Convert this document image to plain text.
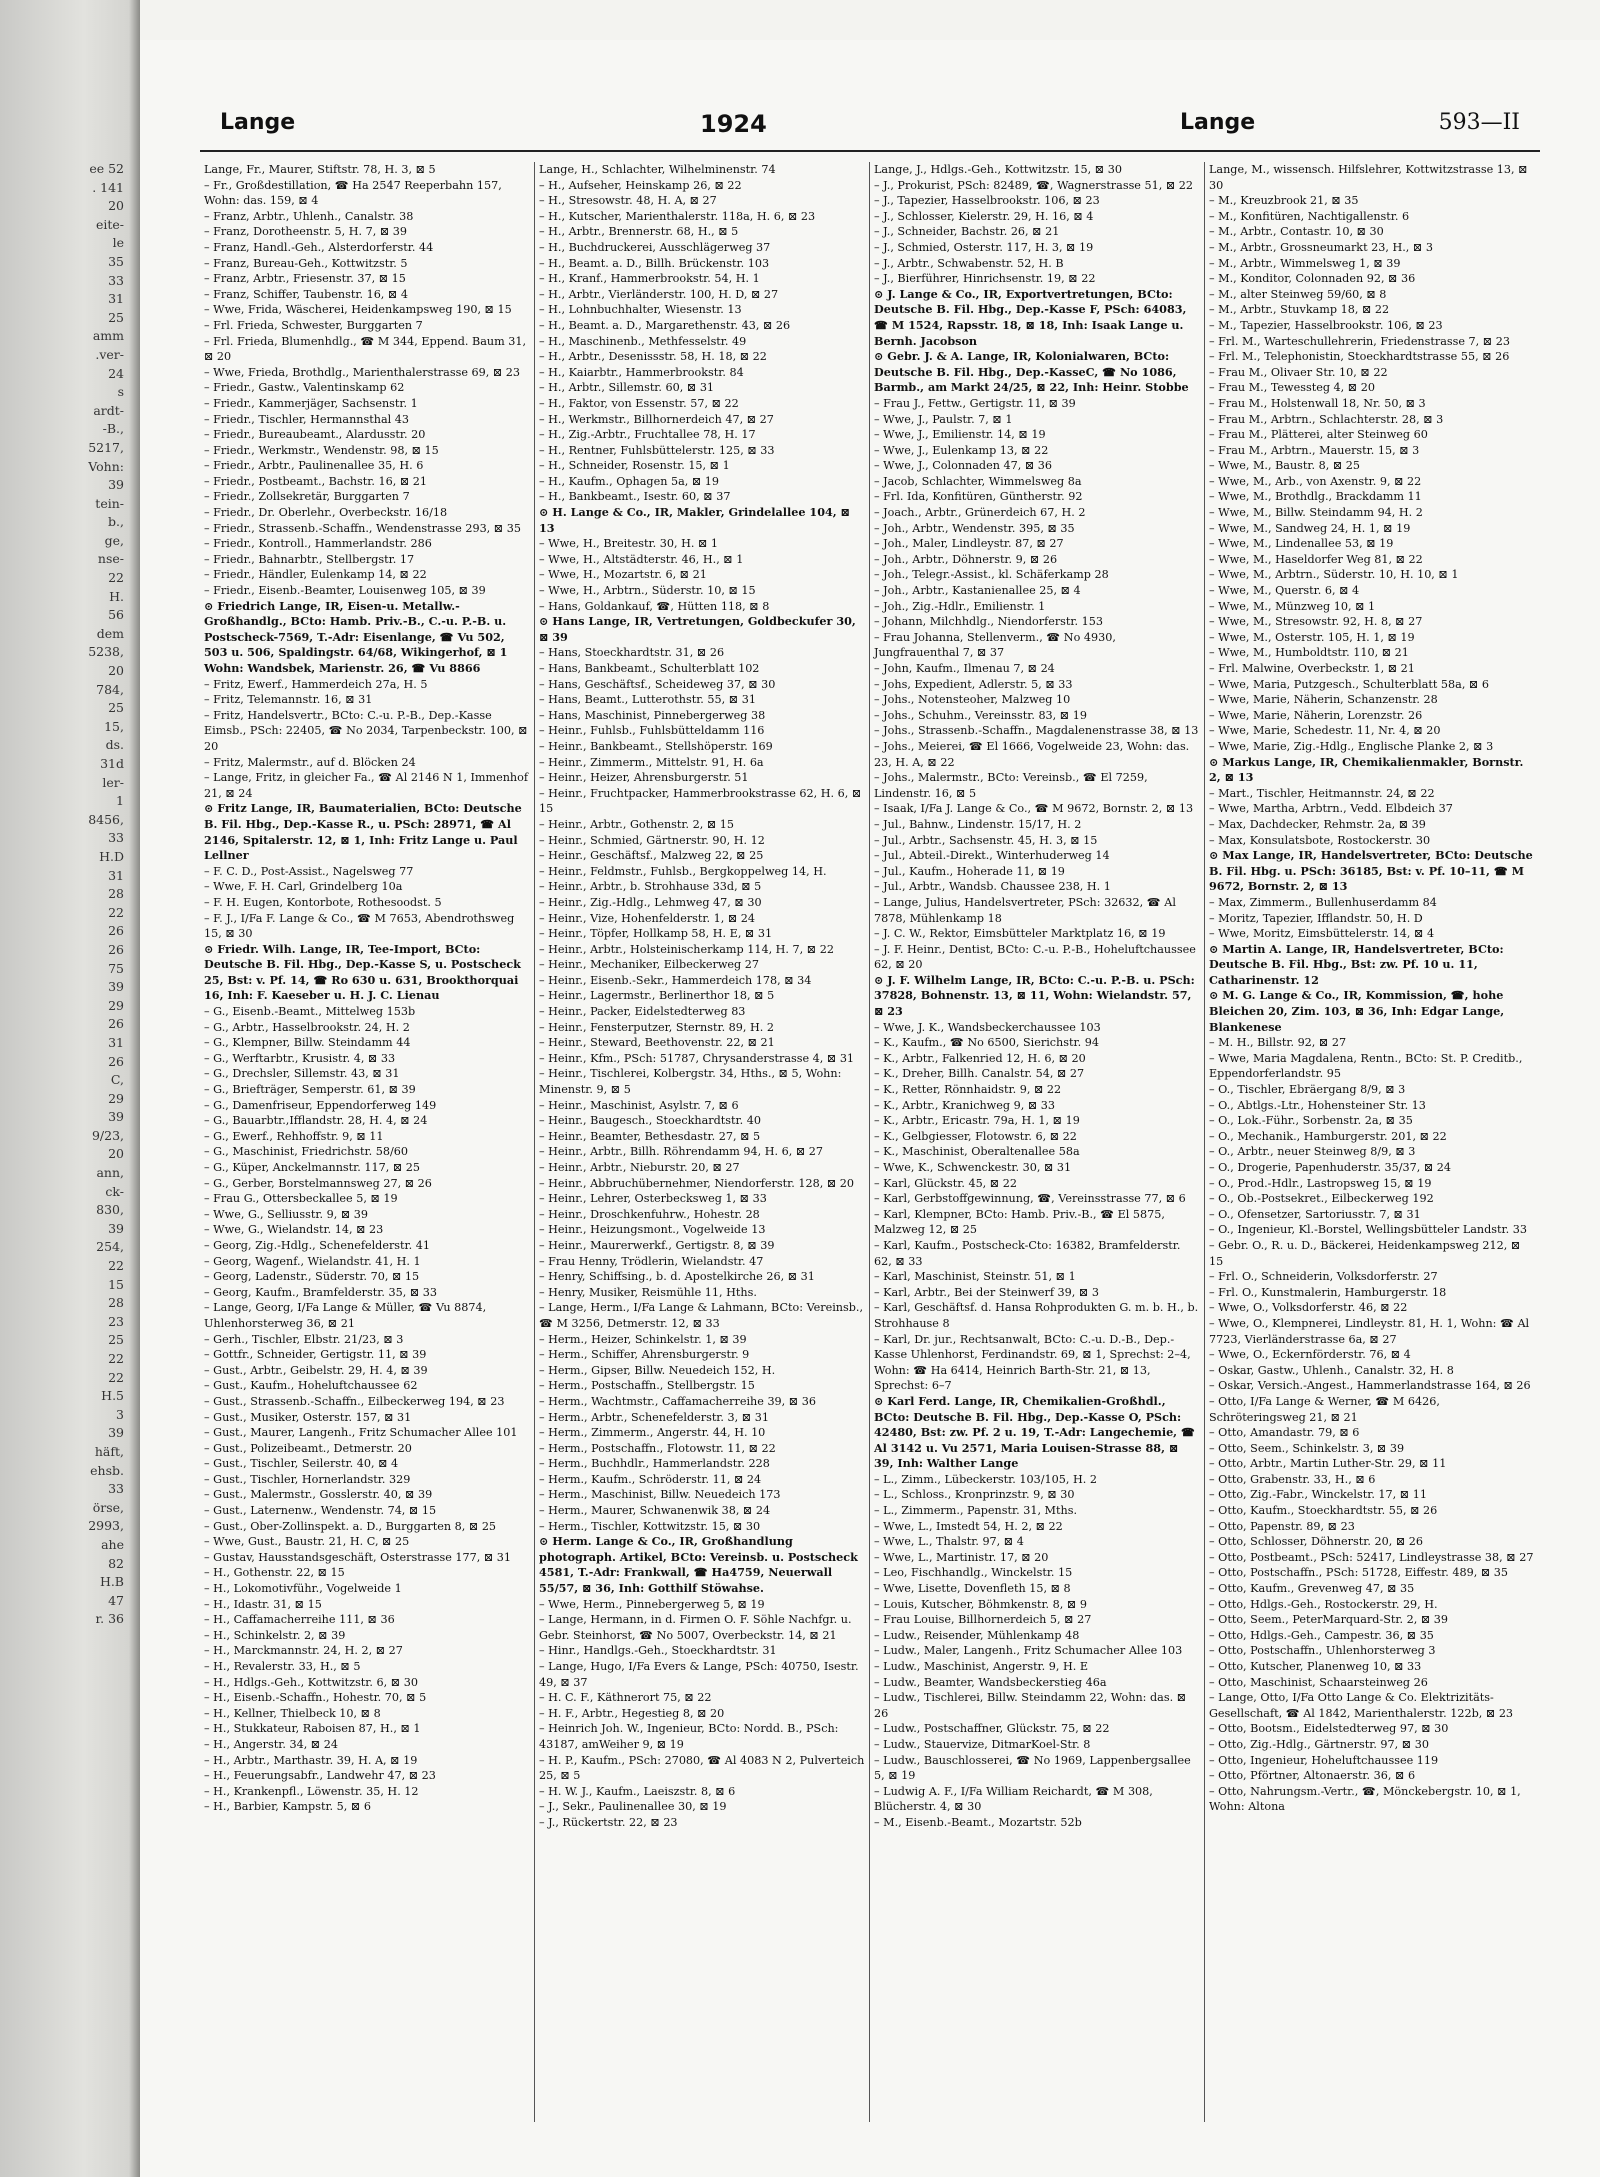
ee 52
. 141
20
eite-
le
35
33
31
25
amm
.ver-
24
s
ardt-
-B.,
5217,
Vohn:
39
tein-
b.,
ge,
nse-
22
H.
56
dem
5238,
20
784,
25
15,
ds.
31d
ler-
1
8456,
33
H.D
31
28
22
26
26
75
39
29
26
31
26
C,
29
39
9/23,
20
ann,
ck-
830,
39
254,
22
15
28
23
25
22
22
H.5
3
39
häft,
ehsb.
33
örse,
2993,
ahe
82
H.B
47
r. 36
Lange	1924	Lange	593—II
Lange, Fr., Maurer, Stiftstr. 78, H. 3, ⊠ 5
– Fr., Großdestillation, ☎ Ha 2547 Reeperbahn 157, Wohn: das. 159, ⊠ 4
– Franz, Arbtr., Uhlenh., Canalstr. 38
– Franz, Dorotheenstr. 5, H. 7, ⊠ 39
– Franz, Handl.-Geh., Alsterdorferstr. 44
– Franz, Bureau-Geh., Kottwitzstr. 5
– Franz, Arbtr., Friesenstr. 37, ⊠ 15
– Franz, Schiffer, Taubenstr. 16, ⊠ 4
– Wwe, Frida, Wäscherei, Heidenkampsweg 190, ⊠ 15
– Frl. Frieda, Schwester, Burggarten 7
– Frl. Frieda, Blumenhdlg., ☎ M 344, Eppend. Baum 31, ⊠ 20
– Wwe, Frieda, Brothdlg., Marienthalerstrasse 69, ⊠ 23
– Friedr., Gastw., Valentinskamp 62
– Friedr., Kammerjäger, Sachsenstr. 1
– Friedr., Tischler, Hermannsthal 43
– Friedr., Bureaubeamt., Alardusstr. 20
– Friedr., Werkmstr., Wendenstr. 98, ⊠ 15
– Friedr., Arbtr., Paulinenallee 35, H. 6
– Friedr., Postbeamt., Bachstr. 16, ⊠ 21
– Friedr., Zollsekretär, Burggarten 7
– Friedr., Dr. Oberlehr., Overbeckstr. 16/18
– Friedr., Strassenb.-Schaffn., Wendenstrasse 293, ⊠ 35
– Friedr., Kontroll., Hammerlandstr. 286
– Friedr., Bahnarbtr., Stellbergstr. 17
– Friedr., Händler, Eulenkamp 14, ⊠ 22
– Friedr., Eisenb.-Beamter, Louisenweg 105, ⊠ 39
⊙ Friedrich Lange, IR, Eisen-u. Metallw.-Großhandlg., BCto: Hamb. Priv.-B., C.-u. P.-B. u. Postscheck-7569, T.-Adr: Eisenlange, ☎ Vu 502, 503 u. 506, Spaldingstr. 64/68, Wikingerhof, ⊠ 1 Wohn: Wandsbek, Marienstr. 26, ☎ Vu 8866
– Fritz, Ewerf., Hammerdeich 27a, H. 5
– Fritz, Telemannstr. 16, ⊠ 31
– Fritz, Handelsvertr., BCto: C.-u. P.-B., Dep.-Kasse Eimsb., PSch: 22405, ☎ No 2034, Tarpenbeckstr. 100, ⊠ 20
– Fritz, Malermstr., auf d. Blöcken 24
– Lange, Fritz, in gleicher Fa., ☎ Al 2146 N 1, Immenhof 21, ⊠ 24
⊙ Fritz Lange, IR, Baumaterialien, BCto: Deutsche B. Fil. Hbg., Dep.-Kasse R., u. PSch: 28971, ☎ Al 2146, Spitalerstr. 12, ⊠ 1, Inh: Fritz Lange u. Paul Lellner
– F. C. D., Post-Assist., Nagelsweg 77
– Wwe, F. H. Carl, Grindelberg 10a
– F. H. Eugen, Kontorbote, Rothesoodst. 5
– F. J., I/Fa F. Lange & Co., ☎ M 7653, Abendrothsweg 15, ⊠ 30
⊙ Friedr. Wilh. Lange, IR, Tee-Import, BCto: Deutsche B. Fil. Hbg., Dep.-Kasse S, u. Postscheck 25, Bst: v. Pf. 14, ☎ Ro 630 u. 631, Brookthorquai 16, Inh: F. Kaeseber u. H. J. C. Lienau
– G., Eisenb.-Beamt., Mittelweg 153b
– G., Arbtr., Hasselbrookstr. 24, H. 2
– G., Klempner, Billw. Steindamm 44
– G., Werftarbtr., Krusistr. 4, ⊠ 33
– G., Drechsler, Sillemstr. 43, ⊠ 31
– G., Briefträger, Semperstr. 61, ⊠ 39
– G., Damenfriseur, Eppendorferweg 149
– G., Bauarbtr.,Ifflandstr. 28, H. 4, ⊠ 24
– G., Ewerf., Rehhoffstr. 9, ⊠ 11
– G., Maschinist, Friedrichstr. 58/60
– G., Küper, Anckelmannstr. 117, ⊠ 25
– G., Gerber, Borstelmannsweg 27, ⊠ 26
– Frau G., Ottersbeckallee 5, ⊠ 19
– Wwe, G., Selliusstr. 9, ⊠ 39
– Wwe, G., Wielandstr. 14, ⊠ 23
– Georg, Zig.-Hdlg., Schenefelderstr. 41
– Georg, Wagenf., Wielandstr. 41, H. 1
– Georg, Ladenstr., Süderstr. 70, ⊠ 15
– Georg, Kaufm., Bramfelderstr. 35, ⊠ 33
– Lange, Georg, I/Fa Lange & Müller, ☎ Vu 8874, Uhlenhorsterweg 36, ⊠ 21
– Gerh., Tischler, Elbstr. 21/23, ⊠ 3
– Gottfr., Schneider, Gertigstr. 11, ⊠ 39
– Gust., Arbtr., Geibelstr. 29, H. 4, ⊠ 39
– Gust., Kaufm., Hoheluftchaussee 62
– Gust., Strassenb.-Schaffn., Eilbeckerweg 194, ⊠ 23
– Gust., Musiker, Osterstr. 157, ⊠ 31
– Gust., Maurer, Langenh., Fritz Schumacher Allee 101
– Gust., Polizeibeamt., Detmerstr. 20
– Gust., Tischler, Seilerstr. 40, ⊠ 4
– Gust., Tischler, Hornerlandstr. 329
– Gust., Malermstr., Gosslerstr. 40, ⊠ 39
– Gust., Laternenw., Wendenstr. 74, ⊠ 15
– Gust., Ober-Zollinspekt. a. D., Burggarten 8, ⊠ 25
– Wwe, Gust., Baustr. 21, H. C, ⊠ 25
– Gustav, Hausstandsgeschäft, Osterstrasse 177, ⊠ 31
– H., Gothenstr. 22, ⊠ 15
– H., Lokomotivführ., Vogelweide 1
– H., Idastr. 31, ⊠ 15
– H., Caffamacherreihe 111, ⊠ 36
– H., Schinkelstr. 2, ⊠ 39
– H., Marckmannstr. 24, H. 2, ⊠ 27
– H., Revalerstr. 33, H., ⊠ 5
– H., Hdlgs.-Geh., Kottwitzstr. 6, ⊠ 30
– H., Eisenb.-Schaffn., Hohestr. 70, ⊠ 5
– H., Kellner, Thielbeck 10, ⊠ 8
– H., Stukkateur, Raboisen 87, H., ⊠ 1
– H., Angerstr. 34, ⊠ 24
– H., Arbtr., Marthastr. 39, H. A, ⊠ 19
– H., Feuerungsabfr., Landwehr 47, ⊠ 23
– H., Krankenpfl., Löwenstr. 35, H. 12
– H., Barbier, Kampstr. 5, ⊠ 6
Lange, H., Schlachter, Wilhelminenstr. 74
– H., Aufseher, Heinskamp 26, ⊠ 22
– H., Stresowstr. 48, H. A, ⊠ 27
– H., Kutscher, Marienthalerstr. 118a, H. 6, ⊠ 23
– H., Arbtr., Brennerstr. 68, H., ⊠ 5
– H., Buchdruckerei, Ausschlägerweg 37
– H., Beamt. a. D., Billh. Brückenstr. 103
– H., Kranf., Hammerbrookstr. 54, H. 1
– H., Arbtr., Vierländerstr. 100, H. D, ⊠ 27
– H., Lohnbuchhalter, Wiesenstr. 13
– H., Beamt. a. D., Margarethenstr. 43, ⊠ 26
– H., Maschinenb., Methfesselstr. 49
– H., Arbtr., Desenissstr. 58, H. 18, ⊠ 22
– H., Kaiarbtr., Hammerbrookstr. 84
– H., Arbtr., Sillemstr. 60, ⊠ 31
– H., Faktor, von Essenstr. 57, ⊠ 22
– H., Werkmstr., Billhornerdeich 47, ⊠ 27
– H., Zig.-Arbtr., Fruchtallee 78, H. 17
– H., Rentner, Fuhlsbüttelerstr. 125, ⊠ 33
– H., Schneider, Rosenstr. 15, ⊠ 1
– H., Kaufm., Ophagen 5a, ⊠ 19
– H., Bankbeamt., Isestr. 60, ⊠ 37
⊙ H. Lange & Co., IR, Makler, Grindelallee 104, ⊠ 13
– Wwe, H., Breitestr. 30, H. ⊠ 1
– Wwe, H., Altstädterstr. 46, H., ⊠ 1
– Wwe, H., Mozartstr. 6, ⊠ 21
– Wwe, H., Arbtrn., Süderstr. 10, ⊠ 15
– Hans, Goldankauf, ☎, Hütten 118, ⊠ 8
⊙ Hans Lange, IR, Vertretungen, Goldbeckufer 30, ⊠ 39
– Hans, Stoeckhardtstr. 31, ⊠ 26
– Hans, Bankbeamt., Schulterblatt 102
– Hans, Geschäftsf., Scheideweg 37, ⊠ 30
– Hans, Beamt., Lutterothstr. 55, ⊠ 31
– Hans, Maschinist, Pinnebergerweg 38
– Heinr., Fuhlsb., Fuhlsbütteldamm 116
– Heinr., Bankbeamt., Stellshöperstr. 169
– Heinr., Zimmerm., Mittelstr. 91, H. 6a
– Heinr., Heizer, Ahrensburgerstr. 51
– Heinr., Fruchtpacker, Hammerbrookstrasse 62, H. 6, ⊠ 15
– Heinr., Arbtr., Gothenstr. 2, ⊠ 15
– Heinr., Schmied, Gärtnerstr. 90, H. 12
– Heinr., Geschäftsf., Malzweg 22, ⊠ 25
– Heinr., Feldmstr., Fuhlsb., Bergkoppelweg 14, H.
– Heinr., Arbtr., b. Strohhause 33d, ⊠ 5
– Heinr., Zig.-Hdlg., Lehmweg 47, ⊠ 30
– Heinr., Vize, Hohenfelderstr. 1, ⊠ 24
– Heinr., Töpfer, Hollkamp 58, H. E, ⊠ 31
– Heinr., Arbtr., Holsteinischerkamp 114, H. 7, ⊠ 22
– Heinr., Mechaniker, Eilbeckerweg 27
– Heinr., Eisenb.-Sekr., Hammerdeich 178, ⊠ 34
– Heinr., Lagermstr., Berlinerthor 18, ⊠ 5
– Heinr., Packer, Eidelstedterweg 83
– Heinr., Fensterputzer, Sternstr. 89, H. 2
– Heinr., Steward, Beethovenstr. 22, ⊠ 21
– Heinr., Kfm., PSch: 51787, Chrysanderstrasse 4, ⊠ 31
– Heinr., Tischlerei, Kolbergstr. 34, Hths., ⊠ 5, Wohn: Minenstr. 9, ⊠ 5
– Heinr., Maschinist, Asylstr. 7, ⊠ 6
– Heinr., Baugesch., Stoeckhardtstr. 40
– Heinr., Beamter, Bethesdastr. 27, ⊠ 5
– Heinr., Arbtr., Billh. Röhrendamm 94, H. 6, ⊠ 27
– Heinr., Arbtr., Nieburstr. 20, ⊠ 27
– Heinr., Abbruchübernehmer, Niendorferstr. 128, ⊠ 20
– Heinr., Lehrer, Osterbecksweg 1, ⊠ 33
– Heinr., Droschkenfuhrw., Hohestr. 28
– Heinr., Heizungsmont., Vogelweide 13
– Heinr., Maurerwerkf., Gertigstr. 8, ⊠ 39
– Frau Henny, Trödlerin, Wielandstr. 47
– Henry, Schiffsing., b. d. Apostelkirche 26, ⊠ 31
– Henry, Musiker, Reismühle 11, Hths.
– Lange, Herm., I/Fa Lange & Lahmann, BCto: Vereinsb., ☎ M 3256, Detmerstr. 12, ⊠ 33
– Herm., Heizer, Schinkelstr. 1, ⊠ 39
– Herm., Schiffer, Ahrensburgerstr. 9
– Herm., Gipser, Billw. Neuedeich 152, H.
– Herm., Postschaffn., Stellbergstr. 15
– Herm., Wachtmstr., Caffamacherreihe 39, ⊠ 36
– Herm., Arbtr., Schenefelderstr. 3, ⊠ 31
– Herm., Zimmerm., Angerstr. 44, H. 10
– Herm., Postschaffn., Flotowstr. 11, ⊠ 22
– Herm., Buchhdlr., Hammerlandstr. 228
– Herm., Kaufm., Schröderstr. 11, ⊠ 24
– Herm., Maschinist, Billw. Neuedeich 173
– Herm., Maurer, Schwanenwik 38, ⊠ 24
– Herm., Tischler, Kottwitzstr. 15, ⊠ 30
⊙ Herm. Lange & Co., IR, Großhandlung photograph. Artikel, BCto: Vereinsb. u. Postscheck 4581, T.-Adr: Frankwall, ☎ Ha4759, Neuerwall 55/57, ⊠ 36, Inh: Gotthilf Stöwahse.
– Wwe, Herm., Pinnebergerweg 5, ⊠ 19
– Lange, Hermann, in d. Firmen O. F. Söhle Nachfgr. u. Gebr. Steinhorst, ☎ No 5007, Overbeckstr. 14, ⊠ 21
– Hinr., Handlgs.-Geh., Stoeckhardtstr. 31
– Lange, Hugo, I/Fa Evers & Lange, PSch: 40750, Isestr. 49, ⊠ 37
– H. C. F., Käthnerort 75, ⊠ 22
– H. F., Arbtr., Hegestieg 8, ⊠ 20
– Heinrich Joh. W., Ingenieur, BCto: Nordd. B., PSch: 43187, amWeiher 9, ⊠ 19
– H. P., Kaufm., PSch: 27080, ☎ Al 4083 N 2, Pulverteich 25, ⊠ 5
– H. W. J., Kaufm., Laeiszstr. 8, ⊠ 6
– J., Sekr., Paulinenallee 30, ⊠ 19
– J., Rückertstr. 22, ⊠ 23
Lange, J., Hdlgs.-Geh., Kottwitzstr. 15, ⊠ 30
– J., Prokurist, PSch: 82489, ☎, Wagnerstrasse 51, ⊠ 22
– J., Tapezier, Hasselbrookstr. 106, ⊠ 23
– J., Schlosser, Kielerstr. 29, H. 16, ⊠ 4
– J., Schneider, Bachstr. 26, ⊠ 21
– J., Schmied, Osterstr. 117, H. 3, ⊠ 19
– J., Arbtr., Schwabenstr. 52, H. B
– J., Bierführer, Hinrichsenstr. 19, ⊠ 22
⊙ J. Lange & Co., IR, Exportvertretungen, BCto: Deutsche B. Fil. Hbg., Dep.-Kasse F, PSch: 64083, ☎ M 1524, Rapsstr. 18, ⊠ 18, Inh: Isaak Lange u. Bernh. Jacobson
⊙ Gebr. J. & A. Lange, IR, Kolonialwaren, BCto: Deutsche B. Fil. Hbg., Dep.-KasseC, ☎ No 1086, Barmb., am Markt 24/25, ⊠ 22, Inh: Heinr. Stobbe
– Frau J., Fettw., Gertigstr. 11, ⊠ 39
– Wwe, J., Paulstr. 7, ⊠ 1
– Wwe, J., Emilienstr. 14, ⊠ 19
– Wwe, J., Eulenkamp 13, ⊠ 22
– Wwe, J., Colonnaden 47, ⊠ 36
– Jacob, Schlachter, Wimmelsweg 8a
– Frl. Ida, Konfitüren, Güntherstr. 92
– Joach., Arbtr., Grünerdeich 67, H. 2
– Joh., Arbtr., Wendenstr. 395, ⊠ 35
– Joh., Maler, Lindleystr. 87, ⊠ 27
– Joh., Arbtr., Döhnerstr. 9, ⊠ 26
– Joh., Telegr.-Assist., kl. Schäferkamp 28
– Joh., Arbtr., Kastanienallee 25, ⊠ 4
– Joh., Zig.-Hdlr., Emilienstr. 1
– Johann, Milchhdlg., Niendorferstr. 153
– Frau Johanna, Stellenverm., ☎ No 4930, Jungfrauenthal 7, ⊠ 37
– John, Kaufm., Ilmenau 7, ⊠ 24
– Johs, Expedient, Adlerstr. 5, ⊠ 33
– Johs., Notensteoher, Malzweg 10
– Johs., Schuhm., Vereinsstr. 83, ⊠ 19
– Johs., Strassenb.-Schaffn., Magdalenenstrasse 38, ⊠ 13
– Johs., Meierei, ☎ El 1666, Vogelweide 23, Wohn: das. 23, H. A, ⊠ 22
– Johs., Malermstr., BCto: Vereinsb., ☎ El 7259, Lindenstr. 16, ⊠ 5
– Isaak, I/Fa J. Lange & Co., ☎ M 9672, Bornstr. 2, ⊠ 13
– Jul., Bahnw., Lindenstr. 15/17, H. 2
– Jul., Arbtr., Sachsenstr. 45, H. 3, ⊠ 15
– Jul., Abteil.-Direkt., Winterhuderweg 14
– Jul., Kaufm., Hoherade 11, ⊠ 19
– Jul., Arbtr., Wandsb. Chaussee 238, H. 1
– Lange, Julius, Handelsvertreter, PSch: 32632, ☎ Al 7878, Mühlenkamp 18
– J. C. W., Rektor, Eimsbütteler Marktplatz 16, ⊠ 19
– J. F. Heinr., Dentist, BCto: C.-u. P.-B., Hoheluftchaussee 62, ⊠ 20
⊙ J. F. Wilhelm Lange, IR, BCto: C.-u. P.-B. u. PSch: 37828, Bohnenstr. 13, ⊠ 11, Wohn: Wielandstr. 57, ⊠ 23
– Wwe, J. K., Wandsbeckerchaussee 103
– K., Kaufm., ☎ No 6500, Sierichstr. 94
– K., Arbtr., Falkenried 12, H. 6, ⊠ 20
– K., Dreher, Billh. Canalstr. 54, ⊠ 27
– K., Retter, Rönnhaidstr. 9, ⊠ 22
– K., Arbtr., Kranichweg 9, ⊠ 33
– K., Arbtr., Ericastr. 79a, H. 1, ⊠ 19
– K., Gelbgiesser, Flotowstr. 6, ⊠ 22
– K., Maschinist, Oberaltenallee 58a
– Wwe, K., Schwenckestr. 30, ⊠ 31
– Karl, Glückstr. 45, ⊠ 22
– Karl, Gerbstoffgewinnung, ☎, Vereinsstrasse 77, ⊠ 6
– Karl, Klempner, BCto: Hamb. Priv.-B., ☎ El 5875, Malzweg 12, ⊠ 25
– Karl, Kaufm., Postscheck-Cto: 16382, Bramfelderstr. 62, ⊠ 33
– Karl, Maschinist, Steinstr. 51, ⊠ 1
– Karl, Arbtr., Bei der Steinwerf 39, ⊠ 3
– Karl, Geschäftsf. d. Hansa Rohprodukten G. m. b. H., b. Strohhause 8
– Karl, Dr. jur., Rechtsanwalt, BCto: C.-u. D.-B., Dep.-Kasse Uhlenhorst, Ferdinandstr. 69, ⊠ 1, Sprechst: 2–4, Wohn: ☎ Ha 6414, Heinrich Barth-Str. 21, ⊠ 13, Sprechst: 6–7
⊙ Karl Ferd. Lange, IR, Chemikalien-Großhdl., BCto: Deutsche B. Fil. Hbg., Dep.-Kasse O, PSch: 42480, Bst: zw. Pf. 2 u. 19, T.-Adr: Langechemie, ☎ Al 3142 u. Vu 2571, Maria Louisen-Strasse 88, ⊠ 39, Inh: Walther Lange
– L., Zimm., Lübeckerstr. 103/105, H. 2
– L., Schloss., Kronprinzstr. 9, ⊠ 30
– L., Zimmerm., Papenstr. 31, Mths.
– Wwe, L., Imstedt 54, H. 2, ⊠ 22
– Wwe, L., Thalstr. 97, ⊠ 4
– Wwe, L., Martinistr. 17, ⊠ 20
– Leo, Fischhandlg., Winckelstr. 15
– Wwe, Lisette, Dovenfleth 15, ⊠ 8
– Louis, Kutscher, Böhmkenstr. 8, ⊠ 9
– Frau Louise, Billhornerdeich 5, ⊠ 27
– Ludw., Reisender, Mühlenkamp 48
– Ludw., Maler, Langenh., Fritz Schumacher Allee 103
– Ludw., Maschinist, Angerstr. 9, H. E
– Ludw., Beamter, Wandsbeckerstieg 46a
– Ludw., Tischlerei, Billw. Steindamm 22, Wohn: das. ⊠ 26
– Ludw., Postschaffner, Glückstr. 75, ⊠ 22
– Ludw., Stauervize, DitmarKoel-Str. 8
– Ludw., Bauschlosserei, ☎ No 1969, Lappenbergsallee 5, ⊠ 19
– Ludwig A. F., I/Fa William Reichardt, ☎ M 308, Blücherstr. 4, ⊠ 30
– M., Eisenb.-Beamt., Mozartstr. 52b
Lange, M., wissensch. Hilfslehrer, Kottwitzstrasse 13, ⊠ 30
– M., Kreuzbrook 21, ⊠ 35
– M., Konfitüren, Nachtigallenstr. 6
– M., Arbtr., Contastr. 10, ⊠ 30
– M., Arbtr., Grossneumarkt 23, H., ⊠ 3
– M., Arbtr., Wimmelsweg 1, ⊠ 39
– M., Konditor, Colonnaden 92, ⊠ 36
– M., alter Steinweg 59/60, ⊠ 8
– M., Arbtr., Stuvkamp 18, ⊠ 22
– M., Tapezier, Hasselbrookstr. 106, ⊠ 23
– Frl. M., Warteschullehrerin, Friedenstrasse 7, ⊠ 23
– Frl. M., Telephonistin, Stoeckhardtstrasse 55, ⊠ 26
– Frau M., Olivaer Str. 10, ⊠ 22
– Frau M., Tewessteg 4, ⊠ 20
– Frau M., Holstenwall 18, Nr. 50, ⊠ 3
– Frau M., Arbtrn., Schlachterstr. 28, ⊠ 3
– Frau M., Plätterei, alter Steinweg 60
– Frau M., Arbtrn., Mauerstr. 15, ⊠ 3
– Wwe, M., Baustr. 8, ⊠ 25
– Wwe, M., Arb., von Axenstr. 9, ⊠ 22
– Wwe, M., Brothdlg., Brackdamm 11
– Wwe, M., Billw. Steindamm 94, H. 2
– Wwe, M., Sandweg 24, H. 1, ⊠ 19
– Wwe, M., Lindenallee 53, ⊠ 19
– Wwe, M., Haseldorfer Weg 81, ⊠ 22
– Wwe, M., Arbtrn., Süderstr. 10, H. 10, ⊠ 1
– Wwe, M., Querstr. 6, ⊠ 4
– Wwe, M., Münzweg 10, ⊠ 1
– Wwe, M., Stresowstr. 92, H. 8, ⊠ 27
– Wwe, M., Osterstr. 105, H. 1, ⊠ 19
– Wwe, M., Humboldtstr. 110, ⊠ 21
– Frl. Malwine, Overbeckstr. 1, ⊠ 21
– Wwe, Maria, Putzgesch., Schulterblatt 58a, ⊠ 6
– Wwe, Marie, Näherin, Schanzenstr. 28
– Wwe, Marie, Näherin, Lorenzstr. 26
– Wwe, Marie, Schedestr. 11, Nr. 4, ⊠ 20
– Wwe, Marie, Zig.-Hdlg., Englische Planke 2, ⊠ 3
⊙ Markus Lange, IR, Chemikalienmakler, Bornstr. 2, ⊠ 13
– Mart., Tischler, Heitmannstr. 24, ⊠ 22
– Wwe, Martha, Arbtrn., Vedd. Elbdeich 37
– Max, Dachdecker, Rehmstr. 2a, ⊠ 39
– Max, Konsulatsbote, Rostockerstr. 30
⊙ Max Lange, IR, Handelsvertreter, BCto: Deutsche B. Fil. Hbg. u. PSch: 36185, Bst: v. Pf. 10–11, ☎ M 9672, Bornstr. 2, ⊠ 13
– Max, Zimmerm., Bullenhuserdamm 84
– Moritz, Tapezier, Ifflandstr. 50, H. D
– Wwe, Moritz, Eimsbüttelerstr. 14, ⊠ 4
⊙ Martin A. Lange, IR, Handelsvertreter, BCto: Deutsche B. Fil. Hbg., Bst: zw. Pf. 10 u. 11, Catharinenstr. 12
⊙ M. G. Lange & Co., IR, Kommission, ☎, hohe Bleichen 20, Zim. 103, ⊠ 36, Inh: Edgar Lange, Blankenese
– M. H., Billstr. 92, ⊠ 27
– Wwe, Maria Magdalena, Rentn., BCto: St. P. Creditb., Eppendorferlandstr. 95
– O., Tischler, Ebräergang 8/9, ⊠ 3
– O., Abtlgs.-Ltr., Hohensteiner Str. 13
– O., Lok.-Führ., Sorbenstr. 2a, ⊠ 35
– O., Mechanik., Hamburgerstr. 201, ⊠ 22
– O., Arbtr., neuer Steinweg 8/9, ⊠ 3
– O., Drogerie, Papenhuderstr. 35/37, ⊠ 24
– O., Prod.-Hdlr., Lastropsweg 15, ⊠ 19
– O., Ob.-Postsekret., Eilbeckerweg 192
– O., Ofensetzer, Sartoriusstr. 7, ⊠ 31
– O., Ingenieur, Kl.-Borstel, Wellingsbütteler Landstr. 33
– Gebr. O., R. u. D., Bäckerei, Heidenkampsweg 212, ⊠ 15
– Frl. O., Schneiderin, Volksdorferstr. 27
– Frl. O., Kunstmalerin, Hamburgerstr. 18
– Wwe, O., Volksdorferstr. 46, ⊠ 22
– Wwe, O., Klempnerei, Lindleystr. 81, H. 1, Wohn: ☎ Al 7723, Vierländerstrasse 6a, ⊠ 27
– Wwe, O., Eckernförderstr. 76, ⊠ 4
– Oskar, Gastw., Uhlenh., Canalstr. 32, H. 8
– Oskar, Versich.-Angest., Hammerlandstrasse 164, ⊠ 26
– Otto, I/Fa Lange & Werner, ☎ M 6426, Schröteringsweg 21, ⊠ 21
– Otto, Amandastr. 79, ⊠ 6
– Otto, Seem., Schinkelstr. 3, ⊠ 39
– Otto, Arbtr., Martin Luther-Str. 29, ⊠ 11
– Otto, Grabenstr. 33, H., ⊠ 6
– Otto, Zig.-Fabr., Winckelstr. 17, ⊠ 11
– Otto, Kaufm., Stoeckhardtstr. 55, ⊠ 26
– Otto, Papenstr. 89, ⊠ 23
– Otto, Schlosser, Döhnerstr. 20, ⊠ 26
– Otto, Postbeamt., PSch: 52417, Lindleystrasse 38, ⊠ 27
– Otto, Postschaffn., PSch: 51728, Eiffestr. 489, ⊠ 35
– Otto, Kaufm., Grevenweg 47, ⊠ 35
– Otto, Hdlgs.-Geh., Rostockerstr. 29, H.
– Otto, Seem., PeterMarquard-Str. 2, ⊠ 39
– Otto, Hdlgs.-Geh., Campestr. 36, ⊠ 35
– Otto, Postschaffn., Uhlenhorsterweg 3
– Otto, Kutscher, Planenweg 10, ⊠ 33
– Otto, Maschinist, Schaarsteinweg 26
– Lange, Otto, I/Fa Otto Lange & Co. Elektrizitäts-Gesellschaft, ☎ Al 1842, Marienthalerstr. 122b, ⊠ 23
– Otto, Bootsm., Eidelstedterweg 97, ⊠ 30
– Otto, Zig.-Hdlg., Gärtnerstr. 97, ⊠ 30
– Otto, Ingenieur, Hoheluftchaussee 119
– Otto, Pförtner, Altonaerstr. 36, ⊠ 6
– Otto, Nahrungsm.-Vertr., ☎, Mönckebergstr. 10, ⊠ 1, Wohn: Altona
